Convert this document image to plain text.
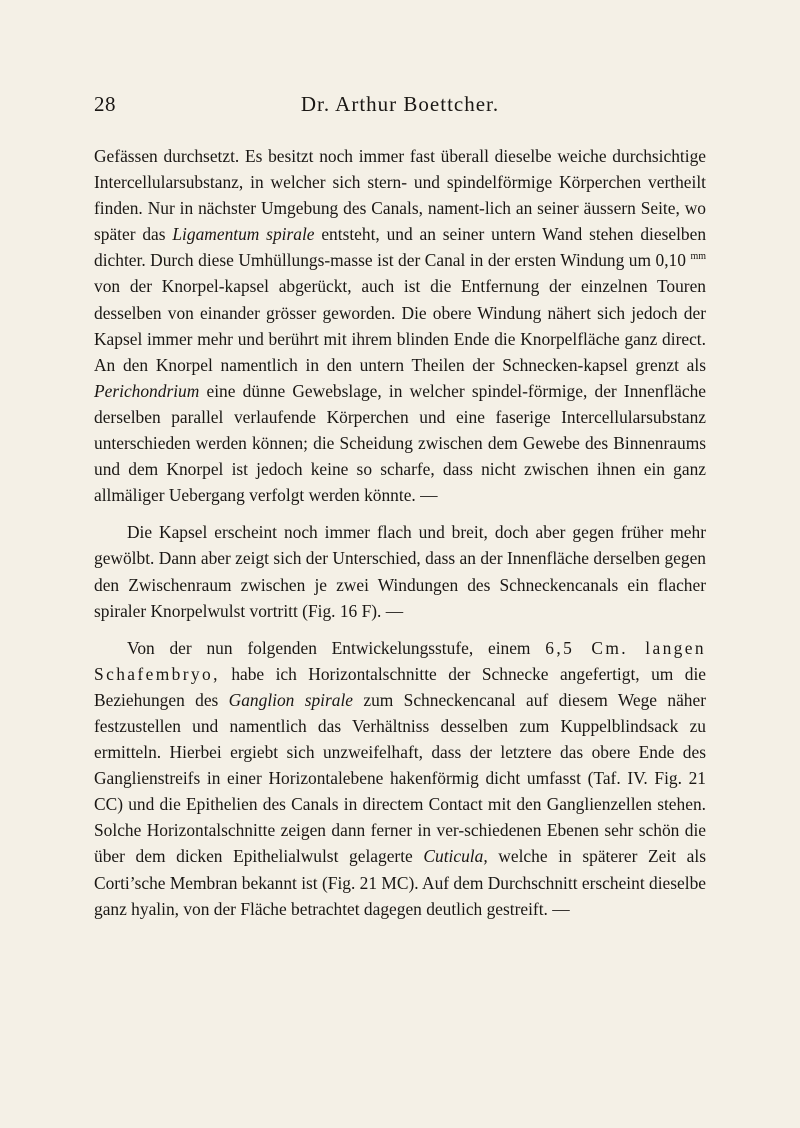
28	Dr. Arthur Boettcher.

Gefässen durchsetzt. Es besitzt noch immer fast überall dieselbe weiche durchsichtige Intercellularsubstanz, in welcher sich stern- und spindelförmige Körperchen vertheilt finden. Nur in nächster Umgebung des Canals, nament-lich an seiner äussern Seite, wo später das Ligamentum spirale entsteht, und an seiner untern Wand stehen dieselben dichter. Durch diese Umhüllungs-masse ist der Canal in der ersten Windung um 0,10 $^{mm}$ von der Knorpel-kapsel abgerückt, auch ist die Entfernung der einzelnen Touren desselben von einander grösser geworden. Die obere Windung nähert sich jedoch der Kapsel immer mehr und berührt mit ihrem blinden Ende die Knorpelfläche ganz direct. An den Knorpel namentlich in den untern Theilen der Schnecken-kapsel grenzt als Perichondrium eine dünne Gewebslage, in welcher spindel-förmige, der Innenfläche derselben parallel verlaufende Körperchen und eine faserige Intercellularsubstanz unterschieden werden können; die Scheidung zwischen dem Gewebe des Binnenraums und dem Knorpel ist jedoch keine so scharfe, dass nicht zwischen ihnen ein ganz allmäliger Uebergang verfolgt werden könnte. —

Die Kapsel erscheint noch immer flach und breit, doch aber gegen früher mehr gewölbt. Dann aber zeigt sich der Unterschied, dass an der Innenfläche derselben gegen den Zwischenraum zwischen je zwei Windungen des Schneckencanals ein flacher spiraler Knorpelwulst vortritt (Fig. 16 F). —

Von der nun folgenden Entwickelungsstufe, einem 6,5 Cm. langen Schafembryo, habe ich Horizontalschnitte der Schnecke angefertigt, um die Beziehungen des Ganglion spirale zum Schneckencanal auf diesem Wege näher festzustellen und namentlich das Verhältniss desselben zum Kuppelblindsack zu ermitteln. Hierbei ergiebt sich unzweifelhaft, dass der letztere das obere Ende des Ganglienstreifs in einer Horizontalebene hakenförmig dicht umfasst (Taf. IV. Fig. 21 CC) und die Epithelien des Canals in directem Contact mit den Ganglienzellen stehen. Solche Horizontalschnitte zeigen dann ferner in ver-schiedenen Ebenen sehr schön die über dem dicken Epithelialwulst gelagerte Cuticula, welche in späterer Zeit als Corti’sche Membran bekannt ist (Fig. 21 MC). Auf dem Durchschnitt erscheint dieselbe ganz hyalin, von der Fläche betrachtet dagegen deutlich gestreift. —
